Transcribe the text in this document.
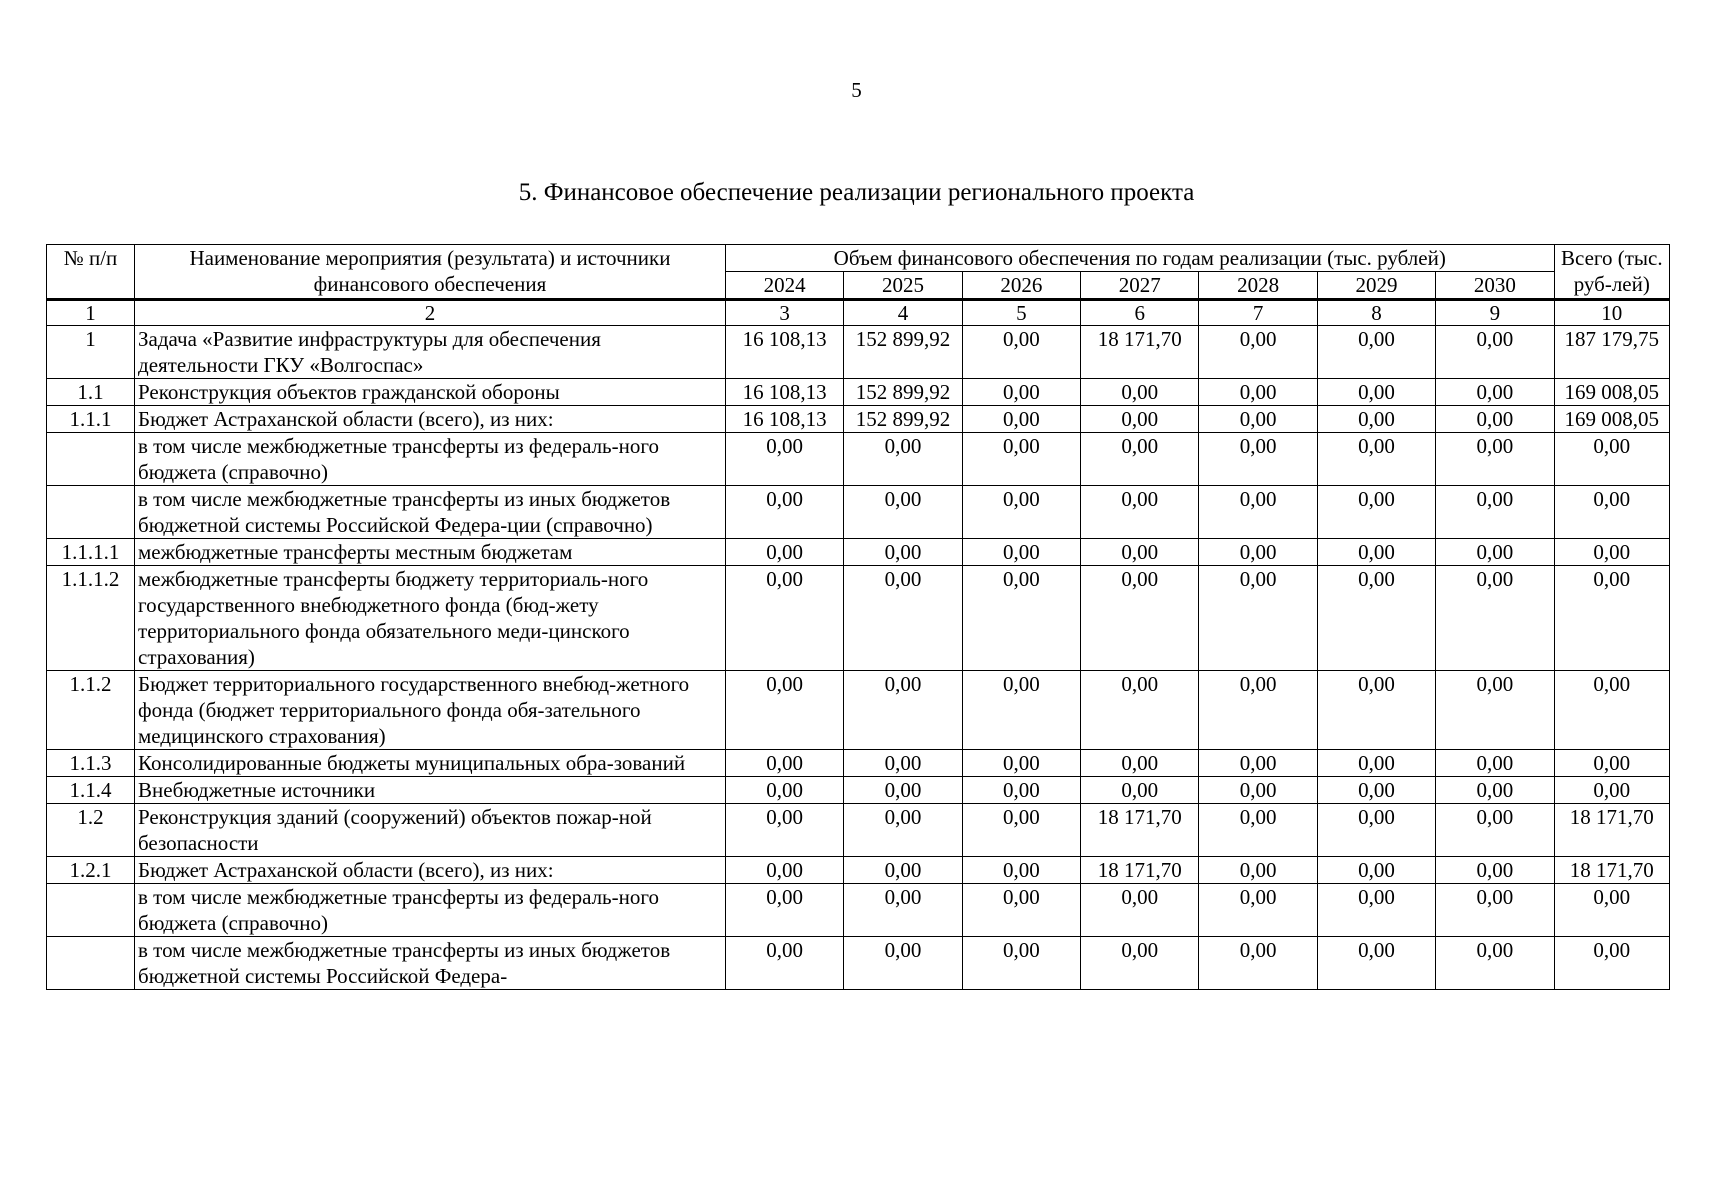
5
5. Финансовое обеспечение реализации регионального проекта
№ п/п	Наименование мероприятия (результата) и источники финансового обеспечения	Объем финансового обеспечения по годам реализации (тыс. рублей)							Всего (тыс. руб-лей)
		2024	2025	2026	2027	2028	2029	2030	
1	2	3	4	5	6	7	8	9	10
1	Задача «Развитие инфраструктуры для обеспечения деятельности ГКУ «Волгоспас»	16 108,13	152 899,92	0,00	18 171,70	0,00	0,00	0,00	187 179,75
1.1	Реконструкция объектов гражданской обороны	16 108,13	152 899,92	0,00	0,00	0,00	0,00	0,00	169 008,05
1.1.1	Бюджет Астраханской области (всего), из них:	16 108,13	152 899,92	0,00	0,00	0,00	0,00	0,00	169 008,05
	в том числе межбюджетные трансферты из федераль-ного бюджета (справочно)	0,00	0,00	0,00	0,00	0,00	0,00	0,00	0,00
	в том числе межбюджетные трансферты из иных бюджетов бюджетной системы Российской Федера-ции (справочно)	0,00	0,00	0,00	0,00	0,00	0,00	0,00	0,00
1.1.1.1	межбюджетные трансферты местным бюджетам	0,00	0,00	0,00	0,00	0,00	0,00	0,00	0,00
1.1.1.2	межбюджетные трансферты бюджету территориаль-ного государственного внебюджетного фонда (бюд-жету территориального фонда обязательного меди-цинского страхования)	0,00	0,00	0,00	0,00	0,00	0,00	0,00	0,00
1.1.2	Бюджет территориального государственного внебюд-жетного фонда (бюджет территориального фонда обя-зательного медицинского страхования)	0,00	0,00	0,00	0,00	0,00	0,00	0,00	0,00
1.1.3	Консолидированные бюджеты муниципальных обра-зований	0,00	0,00	0,00	0,00	0,00	0,00	0,00	0,00
1.1.4	Внебюджетные источники	0,00	0,00	0,00	0,00	0,00	0,00	0,00	0,00
1.2	Реконструкция зданий (сооружений) объектов пожар-ной безопасности	0,00	0,00	0,00	18 171,70	0,00	0,00	0,00	18 171,70
1.2.1	Бюджет Астраханской области (всего), из них:	0,00	0,00	0,00	18 171,70	0,00	0,00	0,00	18 171,70
	в том числе межбюджетные трансферты из федераль-ного бюджета (справочно)	0,00	0,00	0,00	0,00	0,00	0,00	0,00	0,00
	в том числе межбюджетные трансферты из иных бюджетов бюджетной системы Российской Федера-	0,00	0,00	0,00	0,00	0,00	0,00	0,00	0,00
